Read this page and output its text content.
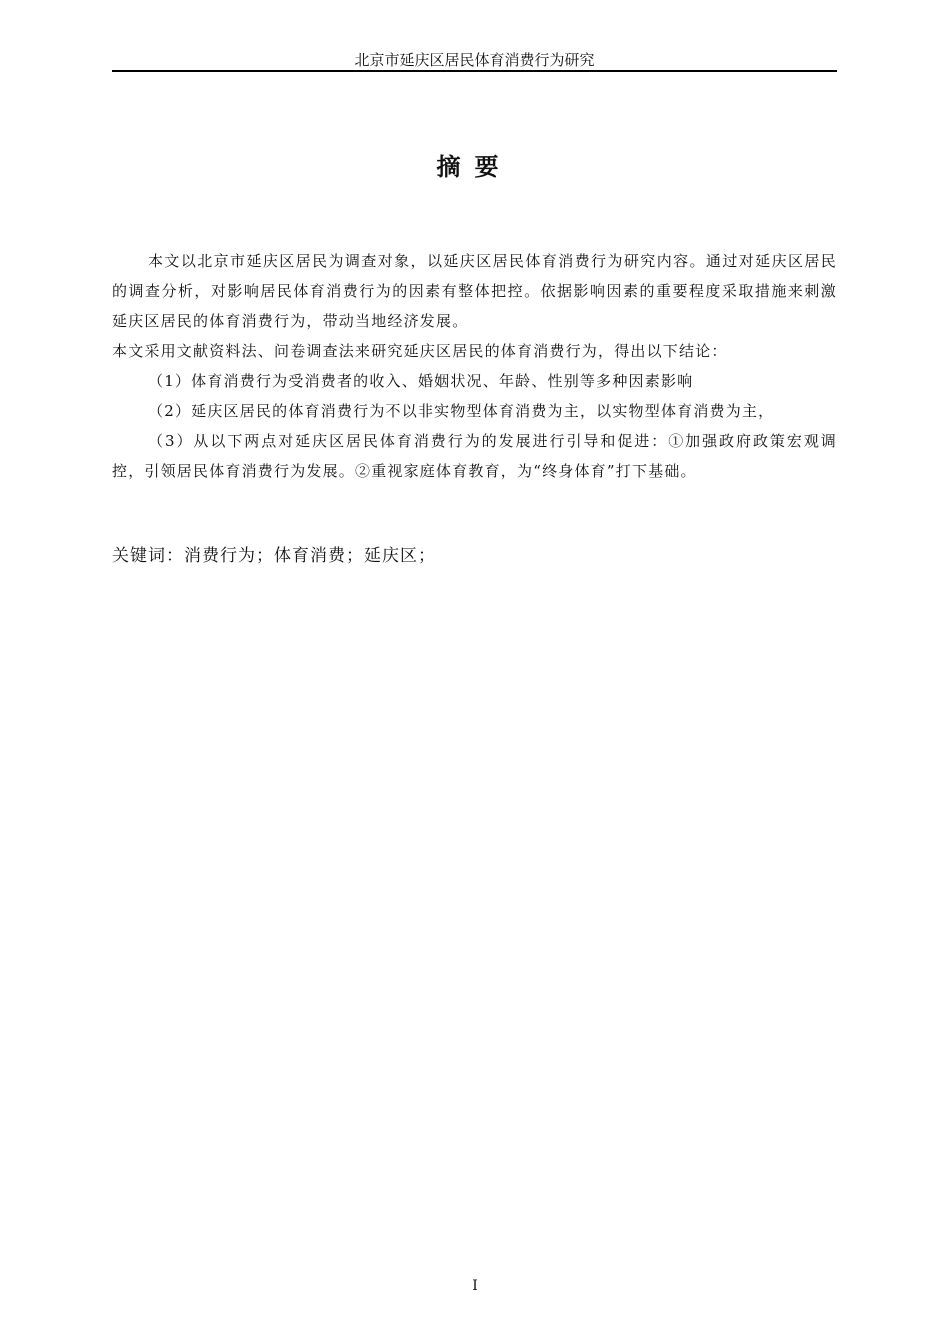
北京市延庆区居民体育消费行为研究
摘要

本文以北京市延庆区居民为调查对象，以延庆区居民体育消费行为研究内容。通过对延庆区居民的调查分析，对影响居民体育消费行为的因素有整体把控。依据影响因素的重要程度采取措施来刺激延庆区居民的体育消费行为，带动当地经济发展。

本文采用文献资料法、问卷调查法来研究延庆区居民的体育消费行为，得出以下结论：

（1）体育消费行为受消费者的收入、婚姻状况、年龄、性别等多种因素影响

（2）延庆区居民的体育消费行为不以非实物型体育消费为主，以实物型体育消费为主，

（3）从以下两点对延庆区居民体育消费行为的发展进行引导和促进：①加强政府政策宏观调控，引领居民体育消费行为发展。②重视家庭体育教育，为“终身体育”打下基础。

关键词：消费行为；体育消费；延庆区；
I
